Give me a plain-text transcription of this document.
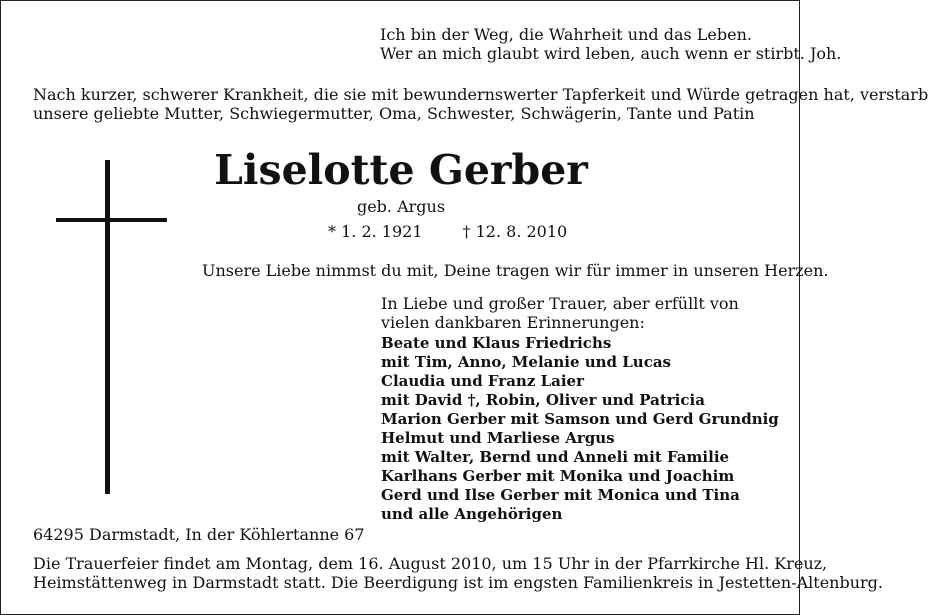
Ich bin der Weg, die Wahrheit und das Leben.
Wer an mich glaubt wird leben, auch wenn er stirbt. Joh.
Nach kurzer, schwerer Krankheit, die sie mit bewundernswerter Tapferkeit und Würde getragen hat, verstarb
unsere geliebte Mutter, Schwiegermutter, Oma, Schwester, Schwägerin, Tante und Patin
Liselotte Gerber
geb. Argus
* 1. 2. 1921	† 12. 8. 2010
Unsere Liebe nimmst du mit, Deine tragen wir für immer in unseren Herzen.
In Liebe und großer Trauer, aber erfüllt von
vielen dankbaren Erinnerungen:
Beate und Klaus Friedrichs
mit Tim, Anno, Melanie und Lucas
Claudia und Franz Laier
mit David †, Robin, Oliver und Patricia
Marion Gerber mit Samson und Gerd Grundnig
Helmut und Marliese Argus
mit Walter, Bernd und Anneli mit Familie
Karlhans Gerber mit Monika und Joachim
Gerd und Ilse Gerber mit Monica und Tina
und alle Angehörigen
64295 Darmstadt, In der Köhlertanne 67
Die Trauerfeier findet am Montag, dem 16. August 2010, um 15 Uhr in der Pfarrkirche Hl. Kreuz,
Heimstättenweg in Darmstadt statt. Die Beerdigung ist im engsten Familienkreis in Jestetten-Altenburg.
